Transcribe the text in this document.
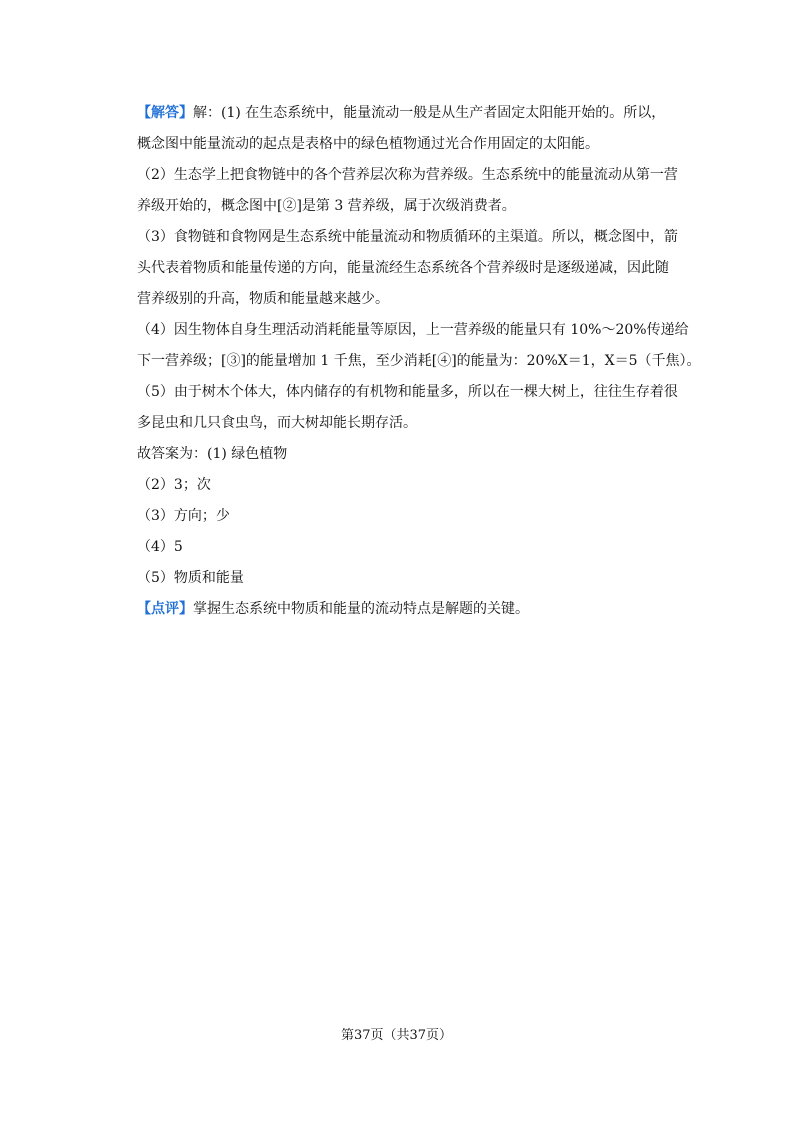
【解答】解：(1) 在生态系统中，能量流动一般是从生产者固定太阳能开始的。所以，
概念图中能量流动的起点是表格中的绿色植物通过光合作用固定的太阳能。
（2）生态学上把食物链中的各个营养层次称为营养级。生态系统中的能量流动从第一营
养级开始的，概念图中[②]是第 3 营养级，属于次级消费者。
（3）食物链和食物网是生态系统中能量流动和物质循环的主渠道。所以，概念图中，箭
头代表着物质和能量传递的方向，能量流经生态系统各个营养级时是逐级递减，因此随
营养级别的升高，物质和能量越来越少。
（4）因生物体自身生理活动消耗能量等原因，上一营养级的能量只有 10%～20%传递给
下一营养级；[③]的能量增加 1 千焦，至少消耗[④]的能量为：20%X＝1，X＝5（千焦）。
（5）由于树木个体大，体内储存的有机物和能量多，所以在一棵大树上，往往生存着很
多昆虫和几只食虫鸟，而大树却能长期存活。
故答案为：(1) 绿色植物
（2）3；次
（3）方向；少
（4）5
（5）物质和能量
【点评】掌握生态系统中物质和能量的流动特点是解题的关键。
第37页（共37页）
